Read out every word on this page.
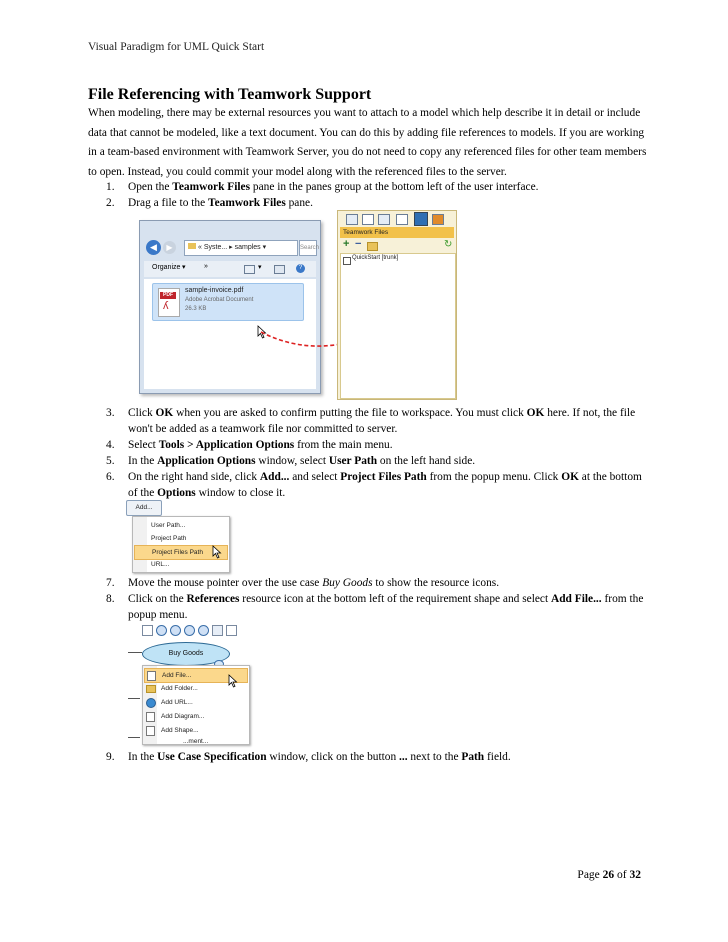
Visual Paradigm for UML Quick Start
File Referencing with Teamwork Support

When modeling, there may be external resources you want to attach to a model which help describe it in detail or include data that cannot be modeled, like a text document. You can do this by adding file references to models. If you are working in a team-based environment with Teamwork Server, you do not need to copy any referenced files for other team members to open. Instead, you could commit your model along with the referenced files to the server.

1. Open the Teamwork Files pane in the panes group at the bottom left of the user interface.
2. Drag a file to the Teamwork Files pane.
3. Click OK when you are asked to confirm putting the file to workspace. You must click OK here. If not, the file won't be added as a teamwork file nor committed to server.
4. Select Tools > Application Options from the main menu.
5. In the Application Options window, select User Path on the left hand side.
6. On the right hand side, click Add... and select Project Files Path from the popup menu. Click OK at the bottom of the Options window to close it.
7. Move the mouse pointer over the use case Buy Goods to show the resource icons.
8. Click on the References resource icon at the bottom left of the requirement shape and select Add File... from the popup menu.
9. In the Use Case Specification window, click on the button ... next to the Path field.
◀	▶	« Syste... ▸ samples ▾	Search
Organize ▾	»	▾	?
PDF
ʎ
sample-invoice.pdf
Adobe Acrobat Document
26.3 KB
Teamwork Files
+ −	↻
QuickStart [trunk]
Add...
User Path...
Project Path
Project Files Path
URL...
Buy Goods
Add File...
Add Folder...
Add URL...
Add Diagram...
Add Shape...
...ment...
Page 26 of 32
